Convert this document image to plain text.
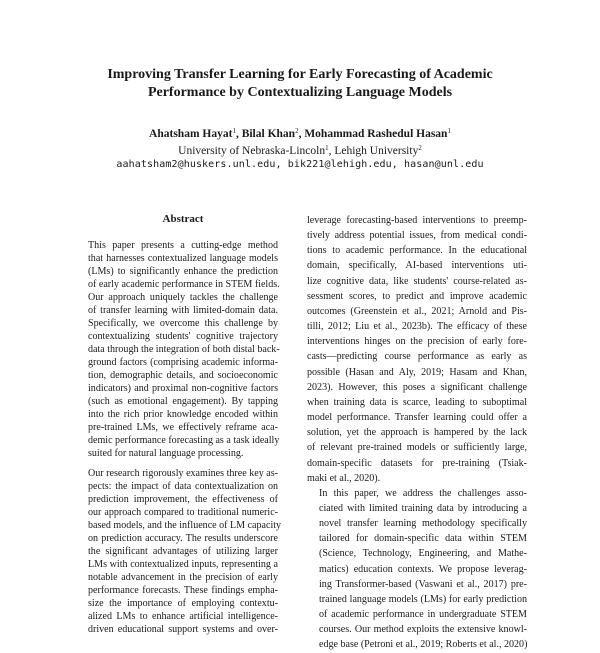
Improving Transfer Learning for Early Forecasting of Academic
Performance by Contextualizing Language Models
Ahatsham Hayat$^1$, Bilal Khan$^2$, Mohammad Rashedul Hasan$^1$
University of Nebraska-Lincoln$^1$, Lehigh University$^2$
aahatsham2@huskers.unl.edu, bik221@lehigh.edu, hasan@unl.edu
Abstract

This paper presents a cutting-edge method
that harnesses contextualized language models
(LMs) to significantly enhance the prediction
of early academic performance in STEM fields.
Our approach uniquely tackles the challenge
of transfer learning with limited-domain data.
Specifically, we overcome this challenge by
contextualizing students' cognitive trajectory
data through the integration of both distal back-
ground factors (comprising academic informa-
tion, demographic details, and socioeconomic
indicators) and proximal non-cognitive factors
(such as emotional engagement). By tapping
into the rich prior knowledge encoded within
pre-trained LMs, we effectively reframe aca-
demic performance forecasting as a task ideally
suited for natural language processing.

Our research rigorously examines three key as-
pects: the impact of data contextualization on
prediction improvement, the effectiveness of
our approach compared to traditional numeric-
based models, and the influence of LM capacity
on prediction accuracy. The results underscore
the significant advantages of utilizing larger
LMs with contextualized inputs, representing a
notable advancement in the precision of early
performance forecasts. These findings empha-
size the importance of employing contextu-
alized LMs to enhance artificial intelligence-
driven educational support systems and over-

leverage forecasting-based interventions to preemp-
tively address potential issues, from medical condi-
tions to academic performance. In the educational
domain, specifically, AI-based interventions uti-
lize cognitive data, like students' course-related as-
sessment scores, to predict and improve academic
outcomes (Greenstein et al., 2021; Arnold and Pis-
tilli, 2012; Liu et al., 2023b). The efficacy of these
interventions hinges on the precision of early fore-
casts—predicting course performance as early as
possible (Hasan and Aly, 2019; Hasam and Khan,
2023). However, this poses a significant challenge
when training data is scarce, leading to suboptimal
model performance. Transfer learning could offer a
solution, yet the approach is hampered by the lack
of relevant pre-trained models or sufficiently large,
domain-specific datasets for pre-training (Tsiak-
maki et al., 2020).

In this paper, we address the challenges asso-
ciated with limited training data by introducing a
novel transfer learning methodology specifically
tailored for domain-specific data within STEM
(Science, Technology, Engineering, and Mathe-
matics) education contexts. We propose leverag-
ing Transformer-based (Vaswani et al., 2017) pre-
trained language models (LMs) for early prediction
of academic performance in undergraduate STEM
courses. Our method exploits the extensive knowl-
edge base (Petroni et al., 2019; Roberts et al., 2020)
